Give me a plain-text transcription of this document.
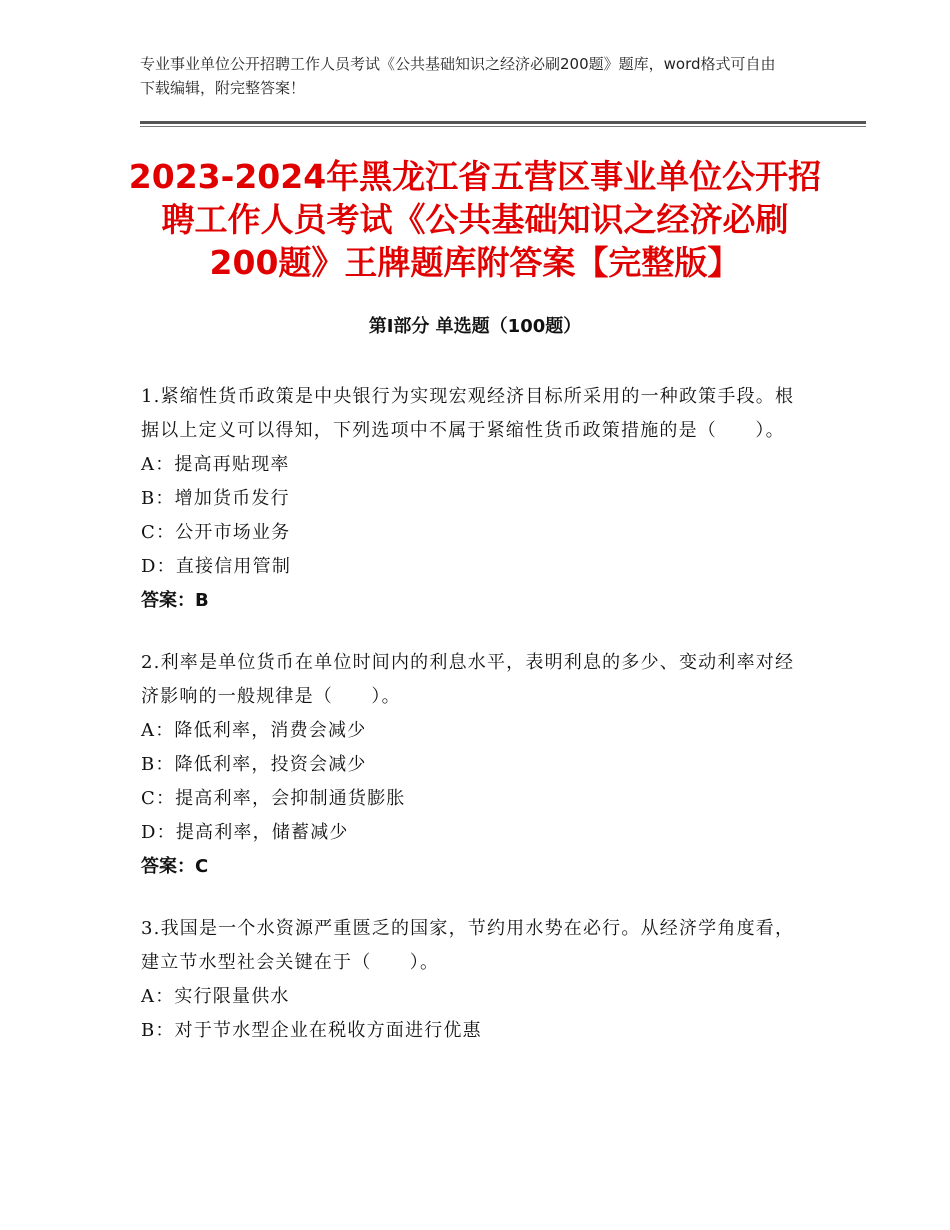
专业事业单位公开招聘工作人员考试《公共基础知识之经济必刷200题》题库，word格式可自由下载编辑，附完整答案！
2023-2024年黑龙江省五营区事业单位公开招聘工作人员考试《公共基础知识之经济必刷200题》王牌题库附答案【完整版】
第Ⅰ部分 单选题（100题）
1.紧缩性货币政策是中央银行为实现宏观经济目标所采用的一种政策手段。根据以上定义可以得知，下列选项中不属于紧缩性货币政策措施的是（　　）。
A：提高再贴现率
B：增加货币发行
C：公开市场业务
D：直接信用管制
答案：B
2.利率是单位货币在单位时间内的利息水平，表明利息的多少、变动利率对经济影响的一般规律是（　　）。
A：降低利率，消费会减少
B：降低利率，投资会减少
C：提高利率，会抑制通货膨胀
D：提高利率，储蓄减少
答案：C
3.我国是一个水资源严重匮乏的国家，节约用水势在必行。从经济学角度看，建立节水型社会关键在于（　　）。
A：实行限量供水
B：对于节水型企业在税收方面进行优惠
